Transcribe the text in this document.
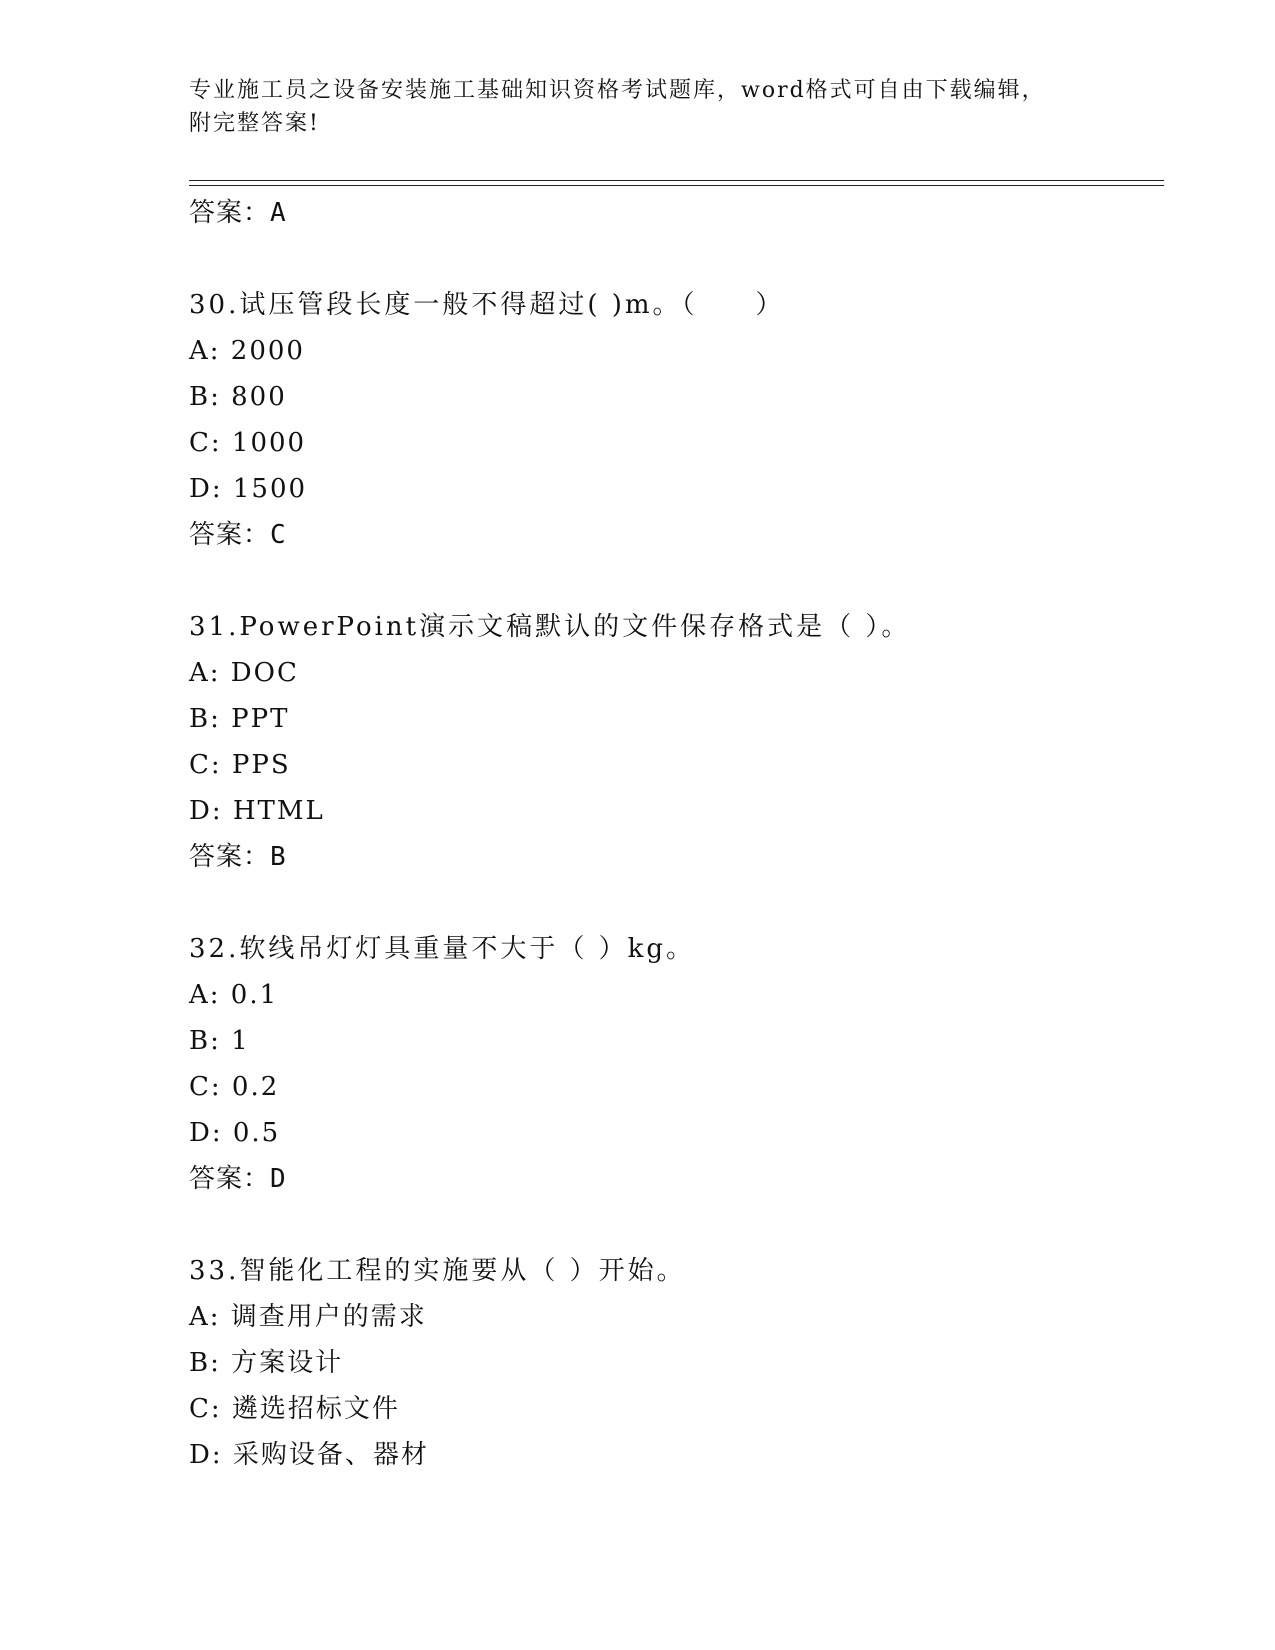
专业施工员之设备安装施工基础知识资格考试题库，word格式可自由下载编辑，
附完整答案!
答案：A
30.试压管段长度一般不得超过( )m。（　　）
A: 2000
B: 800
C: 1000
D: 1500
答案：C
31.PowerPoint演示文稿默认的文件保存格式是（ ）。
A: DOC
B: PPT
C: PPS
D: HTML
答案：B
32.软线吊灯灯具重量不大于（ ）kg。
A: 0.1
B: 1
C: 0.2
D: 0.5
答案：D
33.智能化工程的实施要从（ ）开始。
A: 调查用户的需求
B: 方案设计
C: 遴选招标文件
D: 采购设备、器材
